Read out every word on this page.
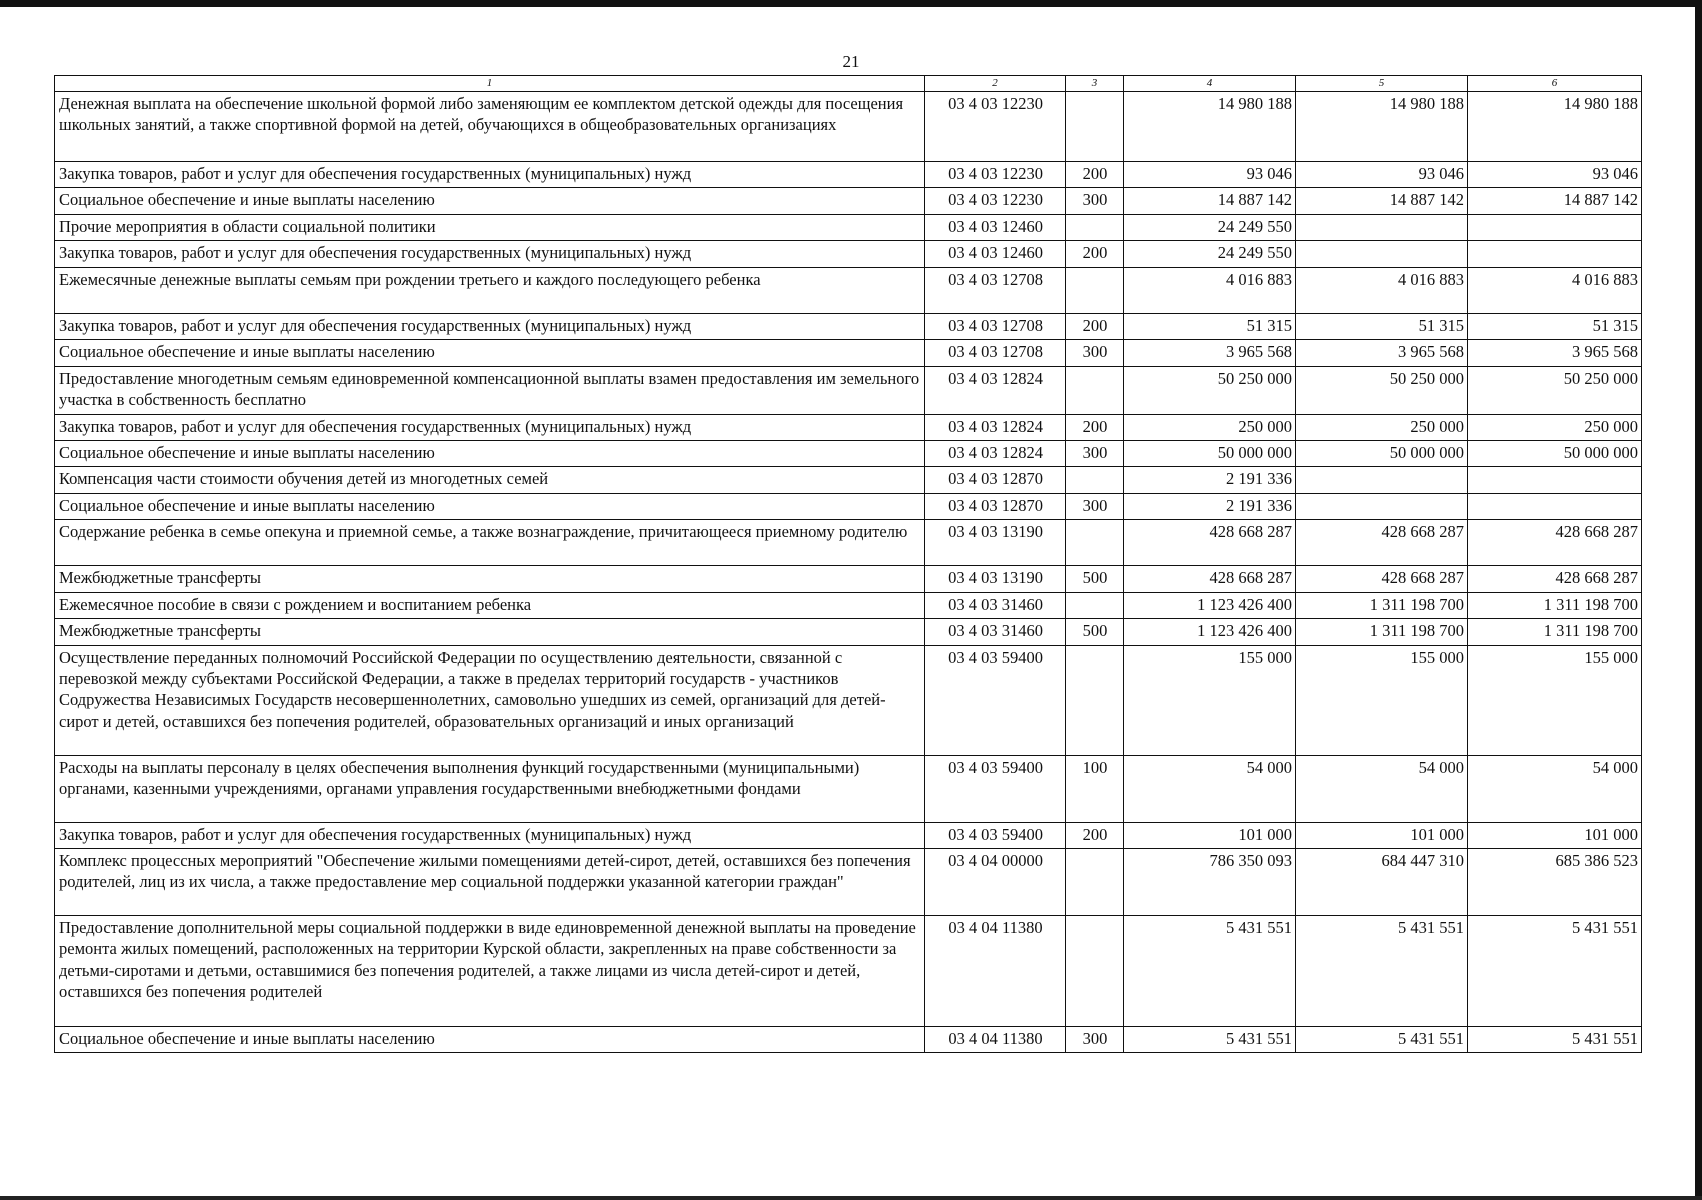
21
1	2	3	4	5	6
Денежная выплата на обеспечение школьной формой либо заменяющим ее комплектом детской одежды для посещения школьных занятий, а также спортивной формой на детей, обучающихся в общеобразовательных организациях	03 4 03 12230		14 980 188	14 980 188	14 980 188
Закупка товаров, работ и услуг для обеспечения государственных (муниципальных) нужд	03 4 03 12230	200	93 046	93 046	93 046
Социальное обеспечение и иные выплаты населению	03 4 03 12230	300	14 887 142	14 887 142	14 887 142
Прочие мероприятия в области социальной политики	03 4 03 12460		24 249 550		
Закупка товаров, работ и услуг для обеспечения государственных (муниципальных) нужд	03 4 03 12460	200	24 249 550		
Ежемесячные денежные выплаты семьям при рождении третьего и каждого последующего ребенка	03 4 03 12708		4 016 883	4 016 883	4 016 883
Закупка товаров, работ и услуг для обеспечения государственных (муниципальных) нужд	03 4 03 12708	200	51 315	51 315	51 315
Социальное обеспечение и иные выплаты населению	03 4 03 12708	300	3 965 568	3 965 568	3 965 568
Предоставление многодетным семьям единовременной компенсационной выплаты взамен предоставления им земельного участка в собственность бесплатно	03 4 03 12824		50 250 000	50 250 000	50 250 000
Закупка товаров, работ и услуг для обеспечения государственных (муниципальных) нужд	03 4 03 12824	200	250 000	250 000	250 000
Социальное обеспечение и иные выплаты населению	03 4 03 12824	300	50 000 000	50 000 000	50 000 000
Компенсация части стоимости обучения детей из многодетных семей	03 4 03 12870		2 191 336		
Социальное обеспечение и иные выплаты населению	03 4 03 12870	300	2 191 336		
Содержание ребенка в семье опекуна и приемной семье, а также вознаграждение, причитающееся приемному родителю	03 4 03 13190		428 668 287	428 668 287	428 668 287
Межбюджетные трансферты	03 4 03 13190	500	428 668 287	428 668 287	428 668 287
Ежемесячное пособие в связи с рождением и воспитанием ребенка	03 4 03 31460		1 123 426 400	1 311 198 700	1 311 198 700
Межбюджетные трансферты	03 4 03 31460	500	1 123 426 400	1 311 198 700	1 311 198 700
Осуществление переданных полномочий Российской Федерации по осуществлению деятельности, связанной с перевозкой между субъектами Российской Федерации, а также в пределах территорий государств - участников Содружества Независимых Государств несовершеннолетних, самовольно ушедших из семей, организаций для детей-сирот и детей, оставшихся без попечения родителей, образовательных организаций и иных организаций	03 4 03 59400		155 000	155 000	155 000
Расходы на выплаты персоналу в целях обеспечения выполнения функций государственными (муниципальными) органами, казенными учреждениями, органами управления государственными внебюджетными фондами	03 4 03 59400	100	54 000	54 000	54 000
Закупка товаров, работ и услуг для обеспечения государственных (муниципальных) нужд	03 4 03 59400	200	101 000	101 000	101 000
Комплекс процессных мероприятий "Обеспечение жилыми помещениями детей-сирот, детей, оставшихся без попечения родителей, лиц из их числа, а также предоставление мер социальной поддержки указанной категории граждан"	03 4 04 00000		786 350 093	684 447 310	685 386 523
Предоставление дополнительной меры социальной поддержки в виде единовременной денежной выплаты на проведение ремонта жилых помещений, расположенных на территории Курской области, закрепленных на праве собственности за детьми-сиротами и детьми, оставшимися без попечения родителей, а также лицами из числа детей-сирот и детей, оставшихся без попечения родителей	03 4 04 11380		5 431 551	5 431 551	5 431 551
Социальное обеспечение и иные выплаты населению	03 4 04 11380	300	5 431 551	5 431 551	5 431 551
